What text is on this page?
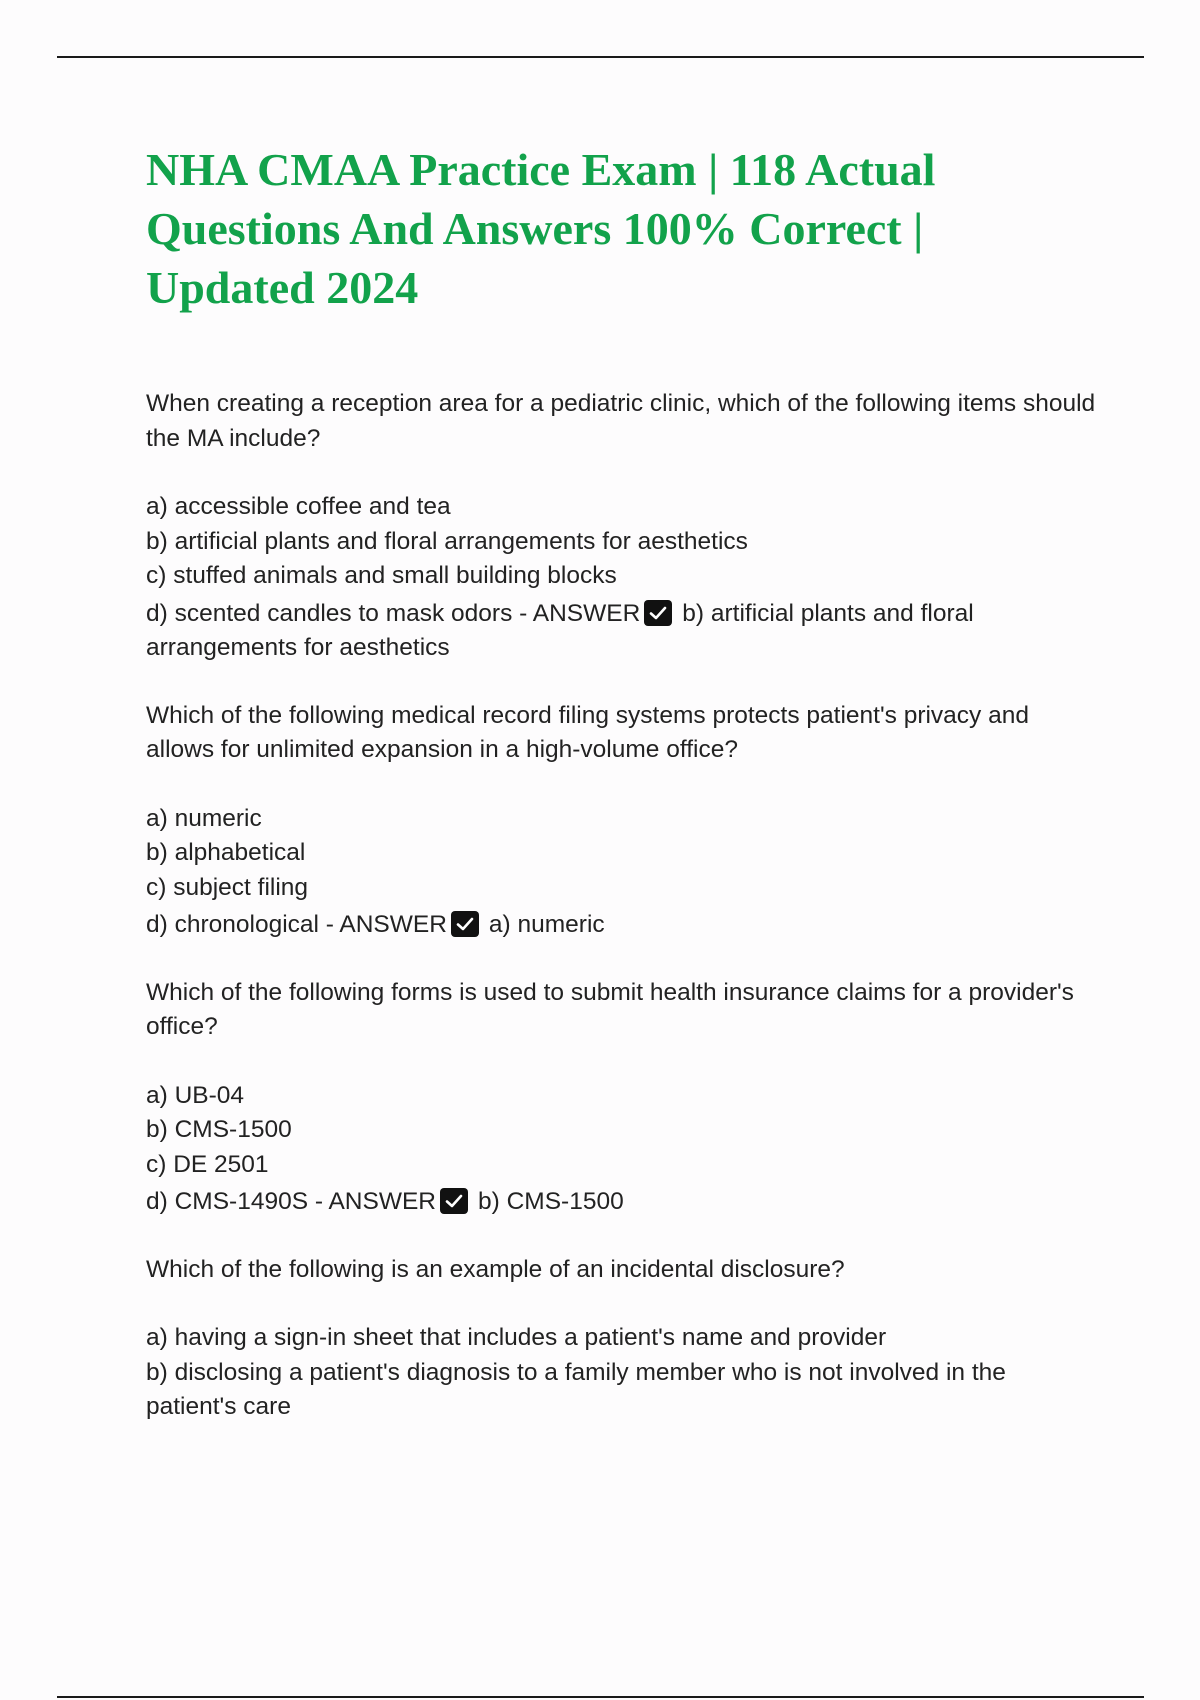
NHA CMAA Practice Exam | 118 Actual Questions And Answers 100% Correct | Updated 2024

When creating a reception area for a pediatric clinic, which of the following items should the MA include?

a) accessible coffee and tea

b) artificial plants and floral arrangements for aesthetics

c) stuffed animals and small building blocks

d) scented candles to mask odors - ANSWER b) artificial plants and floral arrangements for aesthetics

Which of the following medical record filing systems protects patient's privacy and allows for unlimited expansion in a high-volume office?

a) numeric

b) alphabetical

c) subject filing

d) chronological - ANSWER a) numeric

Which of the following forms is used to submit health insurance claims for a provider's office?

a) UB-04

b) CMS-1500

c) DE 2501

d) CMS-1490S - ANSWER b) CMS-1500

Which of the following is an example of an incidental disclosure?

a) having a sign-in sheet that includes a patient's name and provider

b) disclosing a patient's diagnosis to a family member who is not involved in the patient's care
